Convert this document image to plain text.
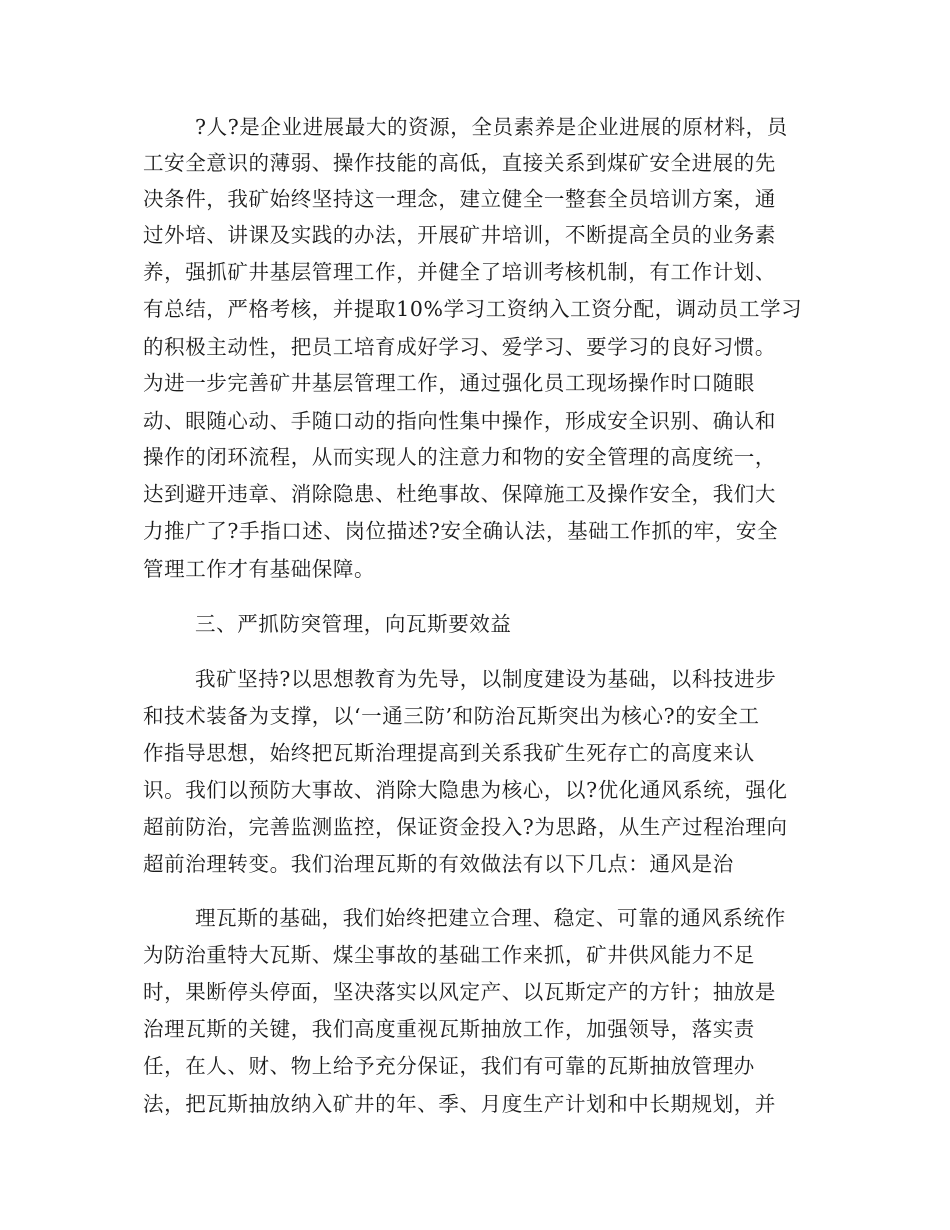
?人?是企业进展最大的资源，全员素养是企业进展的原材料，员
工安全意识的薄弱、操作技能的高低，直接关系到煤矿安全进展的先
决条件，我矿始终坚持这一理念，建立健全一整套全员培训方案，通
过外培、讲课及实践的办法，开展矿井培训，不断提高全员的业务素
养，强抓矿井基层管理工作，并健全了培训考核机制，有工作计划、
有总结，严格考核，并提取10%学习工资纳入工资分配，调动员工学习
的积极主动性，把员工培育成好学习、爱学习、要学习的良好习惯。
为进一步完善矿井基层管理工作，通过强化员工现场操作时口随眼
动、眼随心动、手随口动的指向性集中操作，形成安全识别、确认和
操作的闭环流程，从而实现人的注意力和物的安全管理的高度统一，
达到避开违章、消除隐患、杜绝事故、保障施工及操作安全，我们大
力推广了?手指口述、岗位描述?安全确认法，基础工作抓的牢，安全
管理工作才有基础保障。
三、严抓防突管理，向瓦斯要效益
我矿坚持?以思想教育为先导，以制度建设为基础，以科技进步
和技术装备为支撑，以‘一通三防’和防治瓦斯突出为核心?的安全工
作指导思想，始终把瓦斯治理提高到关系我矿生死存亡的高度来认
识。我们以预防大事故、消除大隐患为核心，以?优化通风系统，强化
超前防治，完善监测监控，保证资金投入?为思路，从生产过程治理向
超前治理转变。我们治理瓦斯的有效做法有以下几点：通风是治
理瓦斯的基础，我们始终把建立合理、稳定、可靠的通风系统作
为防治重特大瓦斯、煤尘事故的基础工作来抓，矿井供风能力不足
时，果断停头停面，坚决落实以风定产、以瓦斯定产的方针；抽放是
治理瓦斯的关键，我们高度重视瓦斯抽放工作，加强领导，落实责
任，在人、财、物上给予充分保证，我们有可靠的瓦斯抽放管理办
法，把瓦斯抽放纳入矿井的年、季、月度生产计划和中长期规划，并
